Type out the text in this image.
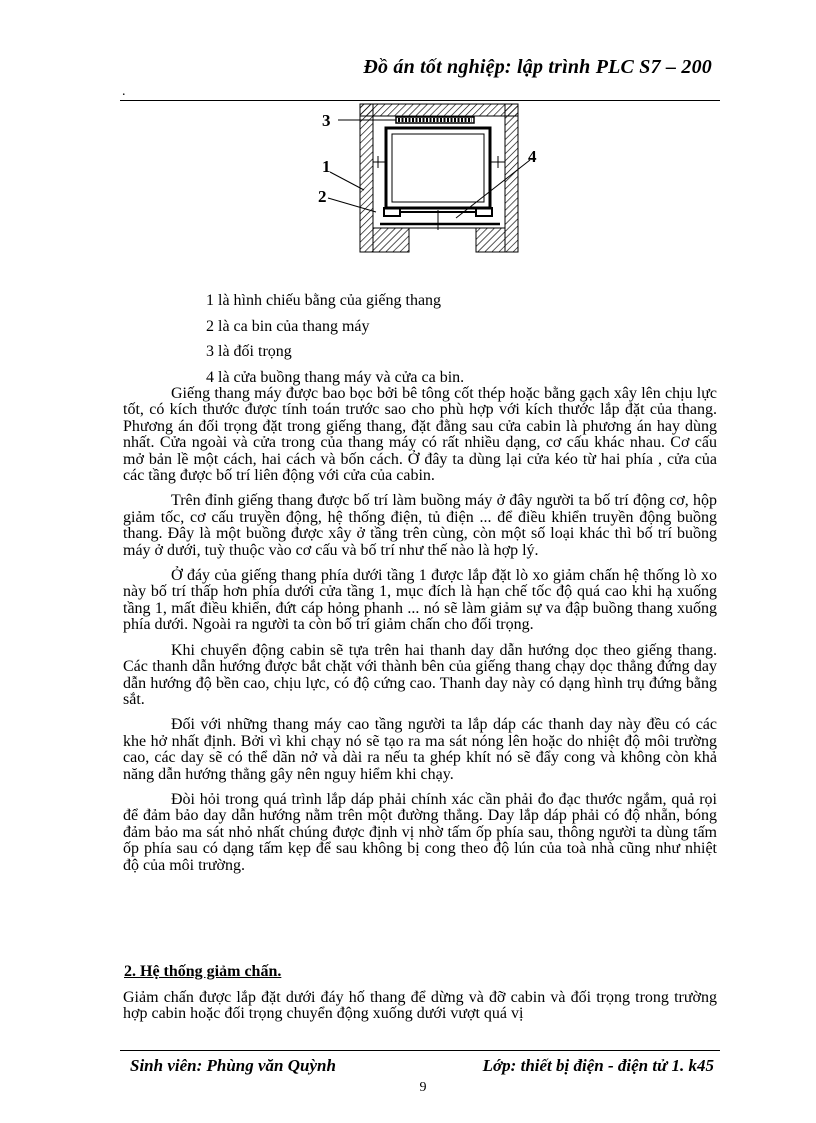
Đồ án tốt nghiệp: lập trình PLC S7 – 200
.
3
1
2
4
1 là hình chiếu bằng của giếng thang
2 là ca bin của thang máy
3 là đối trọng
4 là cửa buồng thang máy và cửa ca bin.

Giếng thang máy được bao bọc bởi bê tông cốt thép hoặc bằng gạch xây lên chịu lực tốt, có kích thước được tính toán trước sao cho phù hợp với kích thước lắp đặt của thang. Phương án đối trọng đặt trong giếng thang, đặt đằng sau cửa cabin là phương án hay dùng nhất. Cửa ngoài và cửa trong của thang máy có rất nhiều dạng, cơ cấu khác nhau. Cơ cấu mở bản lề một cách, hai cách và bốn cách. Ở đây ta dùng lại cửa kéo từ hai phía , cửa của các tầng được bố trí liên động với cửa của cabin.

Trên đỉnh giếng thang được bố trí làm buồng máy ở đây người ta bố trí động cơ, hộp giảm tốc, cơ cấu truyền động, hệ thống điện, tủ điện ... để điều khiển truyền động buồng thang. Đây là một buồng được xây ở tầng trên cùng, còn một số loại khác thì bố trí buồng máy ở dưới, tuỳ thuộc vào cơ cấu và bố trí như thế nào là hợp lý.

Ở đáy của giếng thang phía dưới tầng 1 được lắp đặt lò xo giảm chấn hệ thống lò xo này bố trí thấp hơn phía dưới cửa tầng 1, mục đích là hạn chế tốc độ quá cao khi hạ xuống tầng 1, mất điều khiển, đứt cáp hỏng phanh ... nó sẽ làm giảm sự va đập buồng thang xuống phía dưới. Ngoài ra người ta còn bố trí giảm chấn cho đối trọng.

Khi chuyển động cabin sẽ tựa trên hai thanh day dẫn hướng dọc theo giếng thang. Các thanh dẫn hướng được bắt chặt với thành bên của giếng thang chạy dọc thẳng đứng day dẫn hướng độ bền cao, chịu lực, có độ cứng cao. Thanh day này có dạng hình trụ đứng bằng sắt.

Đối với những thang máy cao tầng người ta lắp dáp các thanh day này đều có các khe hở nhất định. Bởi vì khi chạy nó sẽ tạo ra ma sát nóng lên hoặc do nhiệt độ môi trường cao, các day sẽ có thể dãn nở và dài ra nếu ta ghép khít nó sẽ đẩy cong và không còn khả năng dẫn hướng thẳng gây nên nguy hiểm khi chạy.

Đòi hỏi trong quá trình lắp dáp phải chính xác cần phải đo đạc thước ngắm, quả rọi để đảm bảo day dẫn hướng nằm trên một đường thẳng. Day lắp dáp phải có độ nhẵn, bóng đảm bảo ma sát nhỏ nhất chúng được định vị nhờ tấm ốp phía sau, thông người ta dùng tấm ốp phía sau có dạng tấm kẹp để sau không bị cong theo độ lún của toà nhà cũng như nhiệt độ của môi trường.

2. Hệ thống giảm chấn.

Giảm chấn được lắp đặt dưới đáy hố thang để dừng và đỡ cabin và đối trọng trong trường hợp cabin hoặc đối trọng chuyển động xuống dưới vượt quá vị

Sinh viên: Phùng văn Quỳnh	Lớp: thiết bị điện - điện tử 1. k45
9
